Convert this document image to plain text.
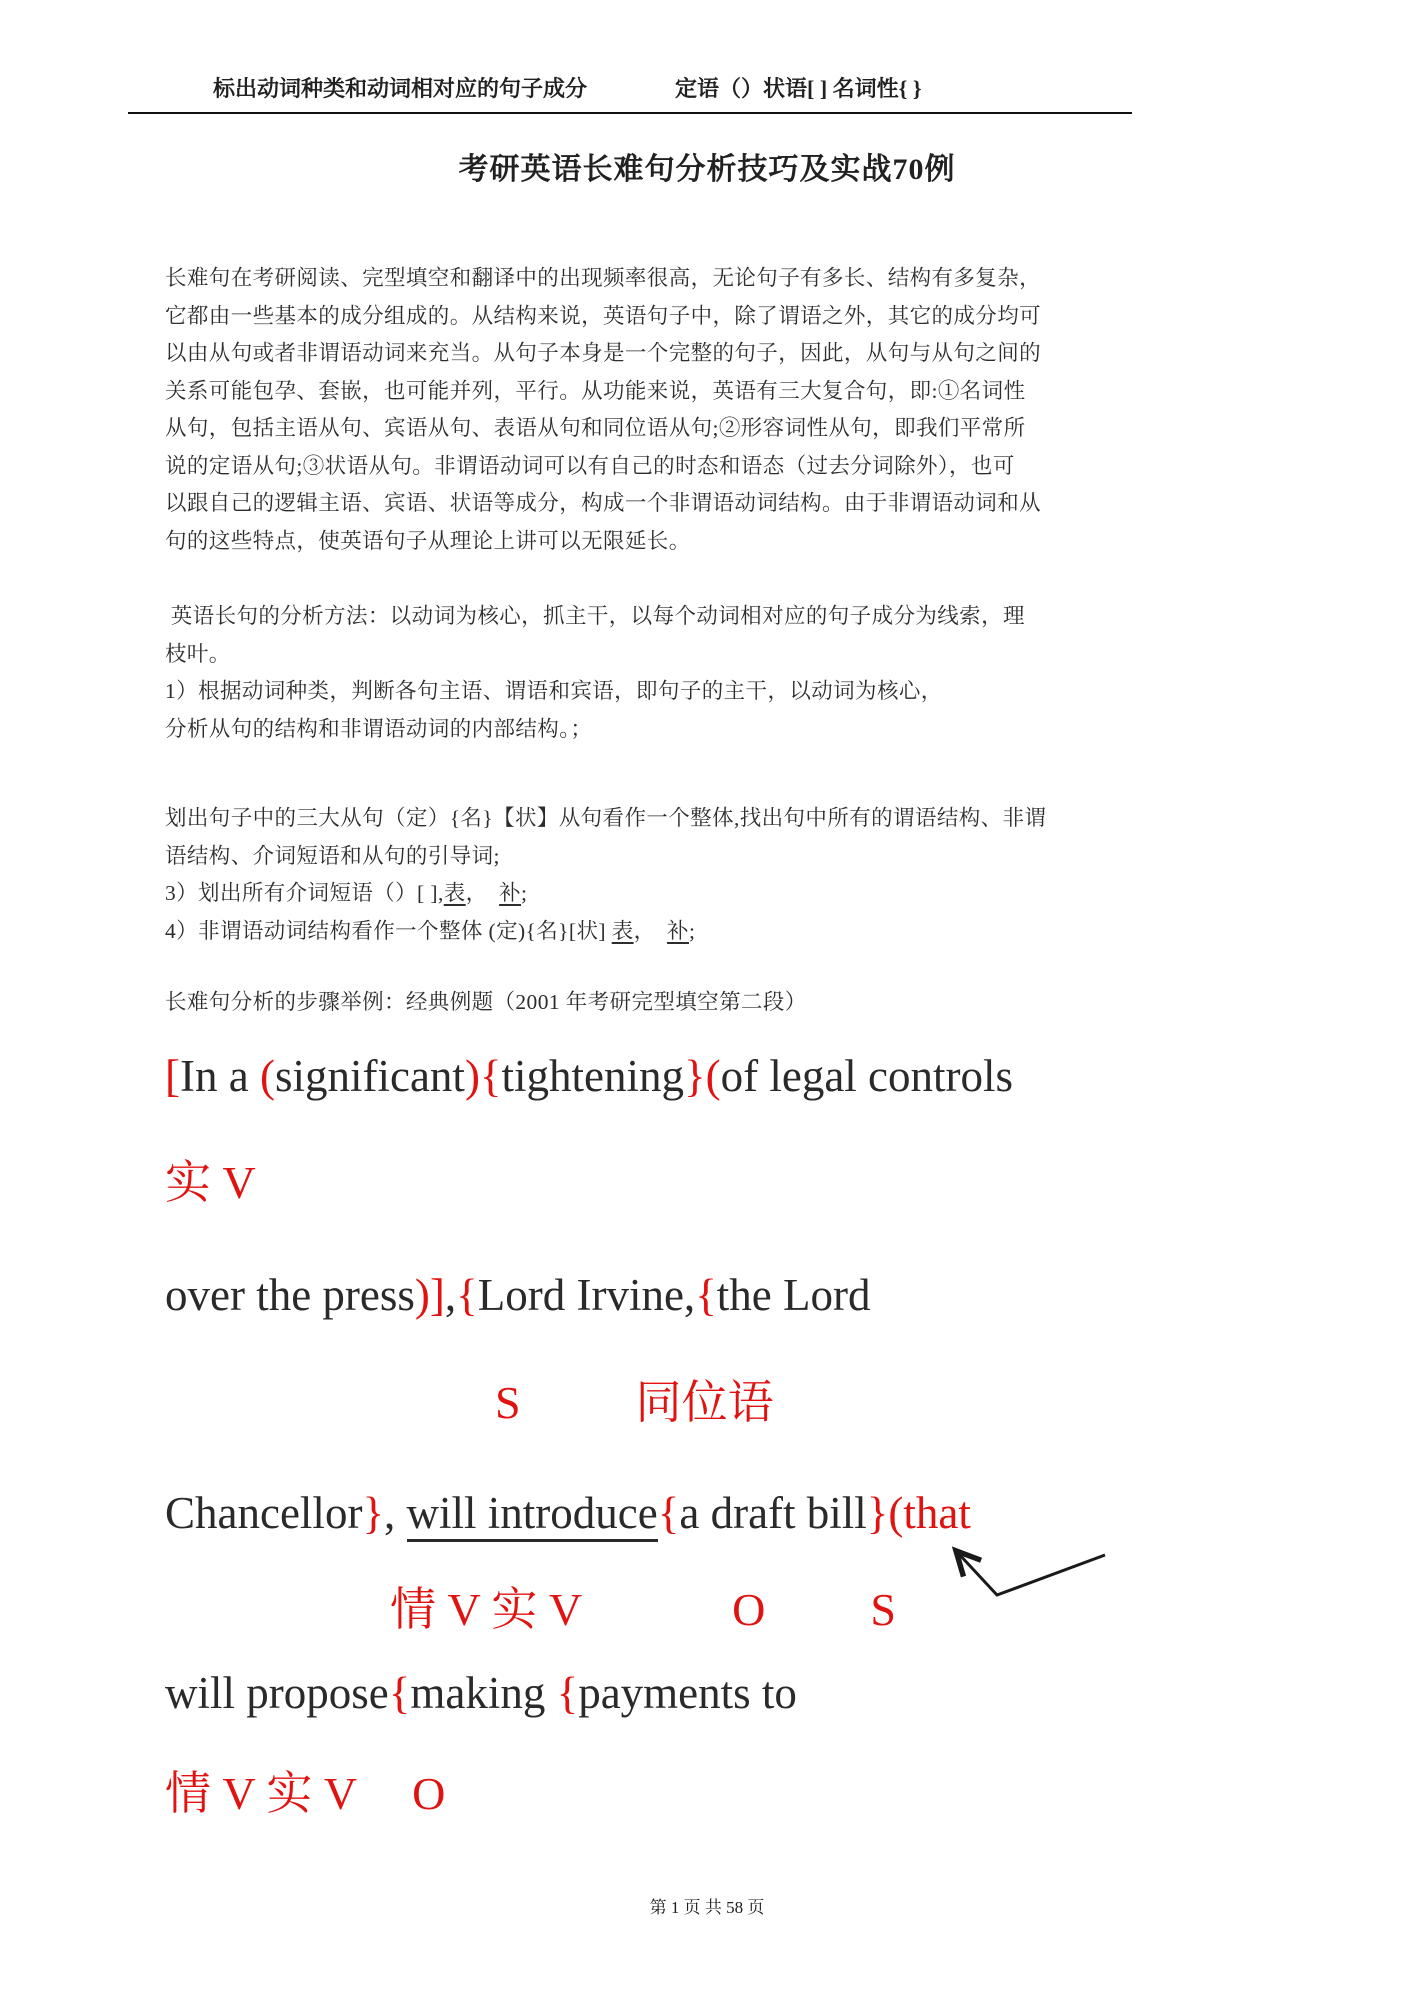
标出动词种类和动词相对应的句子成分	定语（）状语[ ] 名词性{ }
考研英语长难句分析技巧及实战70例
长难句在考研阅读、完型填空和翻译中的出现频率很高，无论句子有多长、结构有多复杂，
它都由一些基本的成分组成的。从结构来说，英语句子中，除了谓语之外，其它的成分均可
以由从句或者非谓语动词来充当。从句子本身是一个完整的句子，因此，从句与从句之间的
关系可能包孕、套嵌，也可能并列，平行。从功能来说，英语有三大复合句，即:①名词性
从句，包括主语从句、宾语从句、表语从句和同位语从句;②形容词性从句，即我们平常所
说的定语从句;③状语从句。非谓语动词可以有自己的时态和语态（过去分词除外），也可
以跟自己的逻辑主语、宾语、状语等成分，构成一个非谓语动词结构。由于非谓语动词和从
句的这些特点，使英语句子从理论上讲可以无限延长。
英语长句的分析方法：以动词为核心，抓主干，以每个动词相对应的句子成分为线索，理
枝叶。
1）根据动词种类，判断各句主语、谓语和宾语，即句子的主干，以动词为核心，
分析从句的结构和非谓语动词的内部结构。；
划出句子中的三大从句（定）{名}【状】从句看作一个整体,找出句中所有的谓语结构、非谓
语结构、介词短语和从句的引导词;
3）划出所有介词短语（）[ ],表，  补;
4）非谓语动词结构看作一个整体 (定){名}[状] 表，  补;
长难句分析的步骤举例：经典例题（2001 年考研完型填空第二段）
[In a (significant){tightening}(of legal controls
实 V
over the press)],{Lord Irvine,{the Lord
S	同位语
Chancellor}, will introduce{a draft bill}(that
情 V 实 V	O S
will propose{making {payments to
情 V 实 V O
第 1 页 共 58 页
